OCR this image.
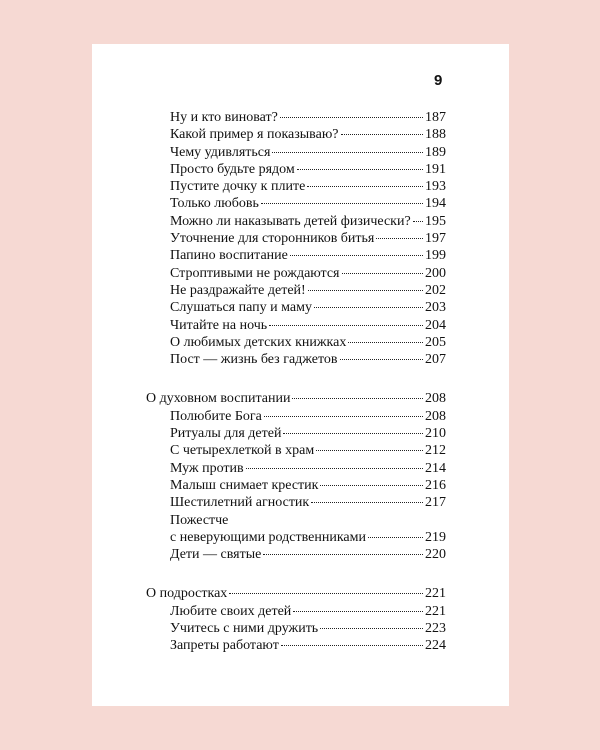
9
Ну и кто виноват?	187
Какой пример я показываю?	188
Чему удивляться	189
Просто будьте рядом	191
Пустите дочку к плите	193
Только любовь	194
Можно ли наказывать детей физически? 195
Уточнение для сторонников битья	197
Папино воспитание	199
Строптивыми не рождаются	200
Не раздражайте детей!	202
Слушаться папу и маму	203
Читайте на ночь	204
О любимых детских книжках	205
Пост — жизнь без гаджетов	207
О духовном воспитании	208
Полюбите Бога	208
Ритуалы для детей	210
С четырехлеткой в храм	212
Муж против	214
Малыш снимает крестик	216
Шестилетний агностик	217
Пожестче
с неверующими родственниками	219
Дети — святые	220
О подростках	221
Любите своих детей	221
Учитесь с ними дружить	223
Запреты работают	224
